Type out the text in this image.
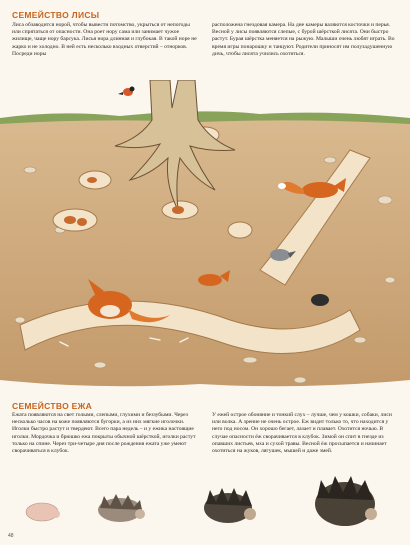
СЕМЕЙСТВО ЛИСЫ

Лиса обзаводится норой, чтобы вывести потомство, укрыться от непогоды или спрятаться от опасности. Она роет нору сама или занимает чужое жилище, чаще нору барсука. Лисья нора длинная и глубокая. В такой норе не жарко и не холодно. В ней есть несколько входных отверстий – отнорков. Посреди норы

расположена гнездовая камера. На дне камеры валяются косточки и перья. Весной у лисы появляются слепые, с бурой шёрсткой лисята. Они быстро растут. Бурая шёрстка меняется на рыжую. Малыши очень любят играть. Во время игры понарошку и танцуют. Родители приносят им полузадушенную дичь, чтобы лисята учились охотиться.

СЕМЕЙСТВО ЕЖА

Ежата появляются на свет голыми, слепыми, глухими и беззубыми. Через несколько часов на коже появляются бугорки, а из них мягкие иголочки. Иголки быстро растут и твердеют. Всего пара недель – и у ежика настоящие иголки. Мордочка и брюшко ежа покрыты обычной шёрсткой, иголки растут только на спине. Через три-четыре дня после рождения ежата уже умеют сворачиваться в клубок.

У ежей острое обоняние и тонкий слух – лучше, чем у кошки, собаки, лиси или волка. А зрение не очень острое. Еж видит только то, что находится у него под носом. Он хорошо бегает, лазает и плавает. Охотится ночью. В случае опасности ёж сворачивается в клубок. Зимой он спит в гнезде из опавших листьев, мха и сухой травы. Весной ёж просыпается и начинает охотиться на жуков, лягушек, мышей и даже змей.

48
